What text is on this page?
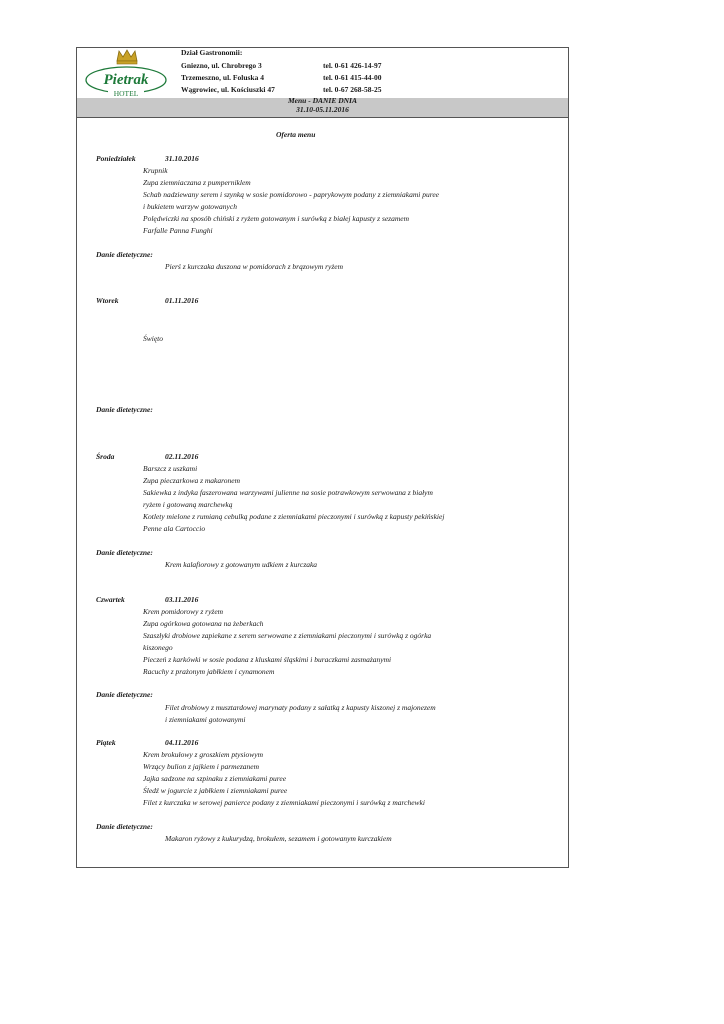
Pietrak
HOTEL
Dział Gastronomii:
Gniezno, ul. Chrobrego 3	tel. 0-61 426-14-97
Trzemeszno, ul. Foluska 4	tel. 0-61 415-44-00
Wągrowiec, ul. Kościuszki 47	tel. 0-67 268-58-25
Menu - DANIE DNIA
31.10-05.11.2016
Oferta menu
Poniedziałek	31.10.2016
Krupnik
Zupa ziemniaczana z pumperniklem
Schab nadziewany serem i szynką w sosie pomidorowo - paprykowym podany z ziemniakami puree
i bukietem warzyw gotowanych
Polędwiczki na sposób chiński z ryżem gotowanym i surówką z białej kapusty z sezamem
Farfalle Panna Funghi
Danie dietetyczne:
Pierś z kurczaka duszona w pomidorach z brązowym ryżem
Wtorek	01.11.2016
Święto
Danie dietetyczne:
Środa	02.11.2016
Barszcz z uszkami
Zupa pieczarkowa z makaronem
Sakiewka z indyka faszerowana warzywami julienne na sosie potrawkowym serwowana z białym
ryżem i gotowaną marchewką
Kotlety mielone z rumianą cebulką podane z ziemniakami pieczonymi i surówką z kapusty pekińskiej
Penne ala Cartoccio
Danie dietetyczne:
Krem kalafiorowy z gotowanym udkiem z kurczaka
Czwartek	03.11.2016
Krem pomidorowy z ryżem
Zupa ogórkowa gotowana na żeberkach
Szaszłyki drobiowe zapiekane z serem serwowane z ziemniakami pieczonymi i surówką z ogórka
kiszonego
Pieczeń z karkówki w sosie podana z kluskami śląskimi i buraczkami zasmażanymi
Racuchy z prażonym jabłkiem i cynamonem
Danie dietetyczne:
Filet drobiowy z musztardowej marynaty podany z sałatką z kapusty kiszonej z majonezem
i ziemniakami gotowanymi
Piątek	04.11.2016
Krem brokułowy z groszkiem ptysiowym
Wrzący bulion z jajkiem i parmezanem
Jajka sadzone na szpinaku z ziemniakami puree
Śledź w jogurcie z jabłkiem i ziemniakami puree
Filet z kurczaka w serowej panierce podany z ziemniakami pieczonymi i surówką z marchewki
Danie dietetyczne:
Makaron ryżowy z kukurydzą, brokułem, sezamem i gotowanym kurczakiem
